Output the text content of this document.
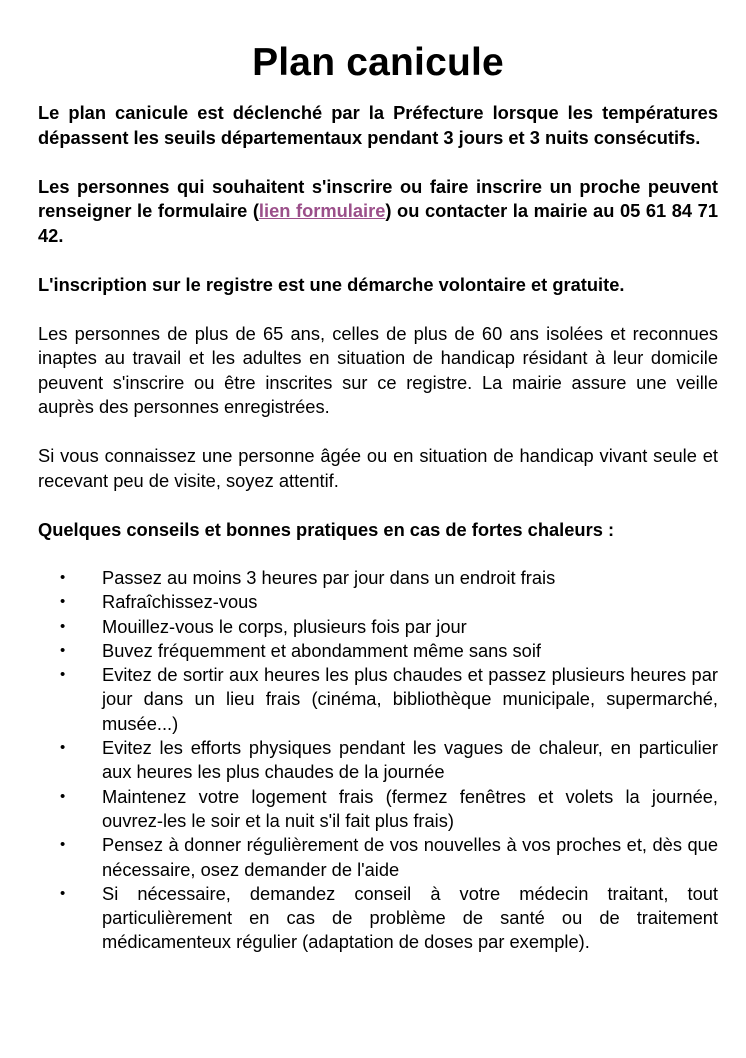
Plan canicule

Le plan canicule est déclenché par la Préfecture lorsque les températures dépassent les seuils départementaux pendant 3 jours et 3 nuits consécutifs.

Les personnes qui souhaitent s'inscrire ou faire inscrire un proche peuvent renseigner le formulaire (lien formulaire) ou contacter la mairie au 05 61 84 71 42.

L'inscription sur le registre est une démarche volontaire et gratuite.

Les personnes de plus de 65 ans, celles de plus de 60 ans isolées et reconnues inaptes au travail et les adultes en situation de handicap résidant à leur domicile peuvent s'inscrire ou être inscrites sur ce registre. La mairie assure une veille auprès des personnes enregistrées.

Si vous connaissez une personne âgée ou en situation de handicap vivant seule et recevant peu de visite, soyez attentif.

Quelques conseils et bonnes pratiques en cas de fortes chaleurs :

• Passez au moins 3 heures par jour dans un endroit frais
• Rafraîchissez-vous
• Mouillez-vous le corps, plusieurs fois par jour
• Buvez fréquemment et abondamment même sans soif
• Evitez de sortir aux heures les plus chaudes et passez plusieurs heures par jour dans un lieu frais (cinéma, bibliothèque municipale, supermarché, musée...)
• Evitez les efforts physiques pendant les vagues de chaleur, en particulier aux heures les plus chaudes de la journée
• Maintenez votre logement frais (fermez fenêtres et volets la journée, ouvrez-les le soir et la nuit s'il fait plus frais)
• Pensez à donner régulièrement de vos nouvelles à vos proches et, dès que nécessaire, osez demander de l'aide
• Si nécessaire, demandez conseil à votre médecin traitant, tout particulièrement en cas de problème de santé ou de traitement médicamenteux régulier (adaptation de doses par exemple).
